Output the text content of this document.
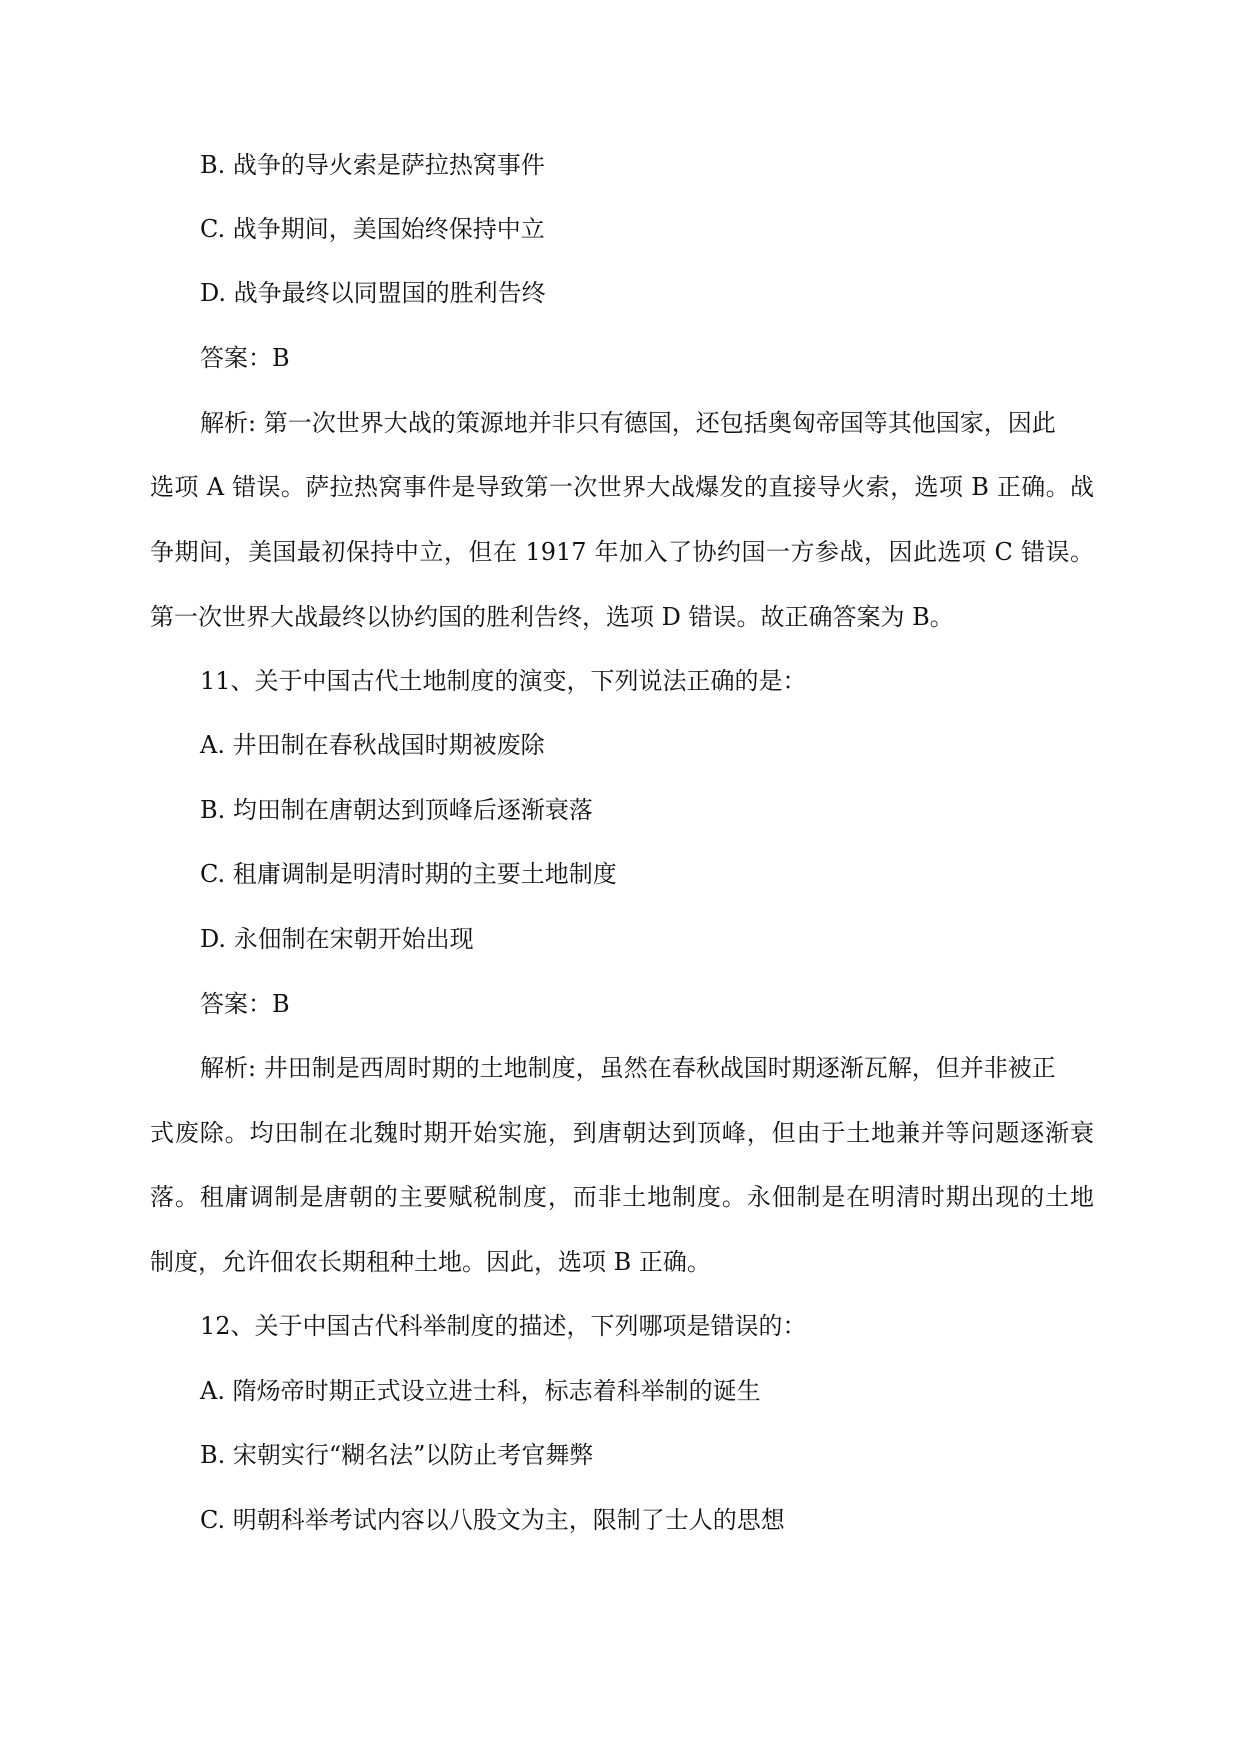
B. 战争的导火索是萨拉热窝事件
C. 战争期间，美国始终保持中立
D. 战争最终以同盟国的胜利告终
答案：B
解析: 第一次世界大战的策源地并非只有德国，还包括奥匈帝国等其他国家，因此
选项 A 错误。萨拉热窝事件是导致第一次世界大战爆发的直接导火索，选项 B 正确。战
争期间，美国最初保持中立，但在 1917 年加入了协约国一方参战，因此选项 C 错误。
第一次世界大战最终以协约国的胜利告终，选项 D 错误。故正确答案为 B。
11、关于中国古代土地制度的演变，下列说法正确的是：
A. 井田制在春秋战国时期被废除
B. 均田制在唐朝达到顶峰后逐渐衰落
C. 租庸调制是明清时期的主要土地制度
D. 永佃制在宋朝开始出现
答案：B
解析: 井田制是西周时期的土地制度，虽然在春秋战国时期逐渐瓦解，但并非被正
式废除。均田制在北魏时期开始实施，到唐朝达到顶峰，但由于土地兼并等问题逐渐衰
落。租庸调制是唐朝的主要赋税制度，而非土地制度。永佃制是在明清时期出现的土地
制度，允许佃农长期租种土地。因此，选项 B 正确。
12、关于中国古代科举制度的描述，下列哪项是错误的：
A. 隋炀帝时期正式设立进士科，标志着科举制的诞生
B. 宋朝实行“糊名法”以防止考官舞弊
C. 明朝科举考试内容以八股文为主，限制了士人的思想
